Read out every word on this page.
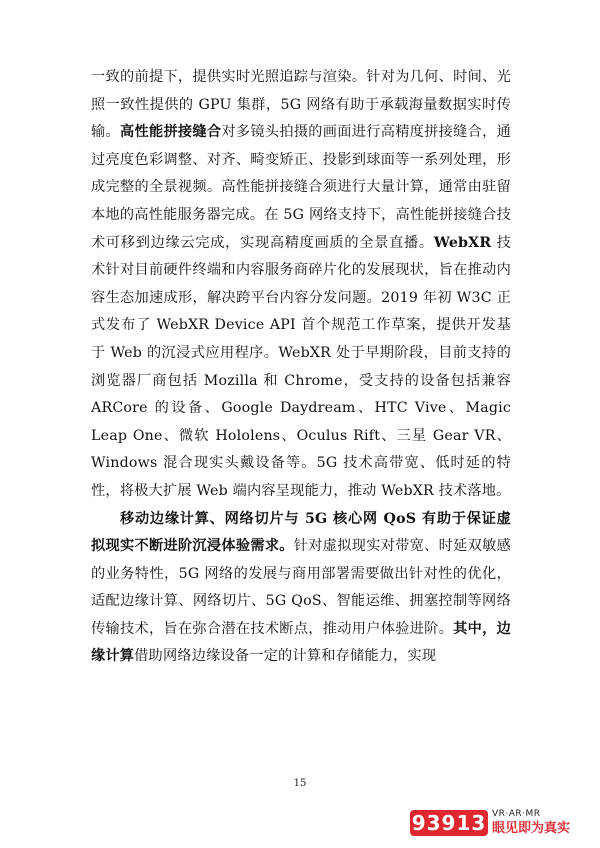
一致的前提下，提供实时光照追踪与渲染。针对为几何、时间、光照一致性提供的 GPU 集群，5G 网络有助于承载海量数据实时传输。高性能拼接缝合对多镜头拍摄的画面进行高精度拼接缝合，通过亮度色彩调整、对齐、畸变矫正、投影到球面等一系列处理，形成完整的全景视频。高性能拼接缝合须进行大量计算，通常由驻留本地的高性能服务器完成。在 5G 网络支持下，高性能拼接缝合技术可移到边缘云完成，实现高精度画质的全景直播。WebXR 技术针对目前硬件终端和内容服务商碎片化的发展现状，旨在推动内容生态加速成形，解决跨平台内容分发问题。2019 年初 W3C 正式发布了 WebXR Device API 首个规范工作草案，提供开发基于 Web 的沉浸式应用程序。WebXR 处于早期阶段，目前支持的浏览器厂商包括 Mozilla 和 Chrome，受支持的设备包括兼容 ARCore 的设备、Google Daydream、HTC Vive、Magic Leap One、微软 Hololens、Oculus Rift、三星 Gear VR、Windows 混合现实头戴设备等。5G 技术高带宽、低时延的特性，将极大扩展 Web 端内容呈现能力，推动 WebXR 技术落地。

移动边缘计算、网络切片与 5G 核心网 QoS 有助于保证虚拟现实不断进阶沉浸体验需求。针对虚拟现实对带宽、时延双敏感的业务特性，5G 网络的发展与商用部署需要做出针对性的优化，适配边缘计算、网络切片、5G QoS、智能运维、拥塞控制等网络传输技术，旨在弥合潜在技术断点，推动用户体验进阶。其中，边缘计算借助网络边缘设备一定的计算和存储能力，实现

15
93913 VR·AR·MR
眼见即为真实
